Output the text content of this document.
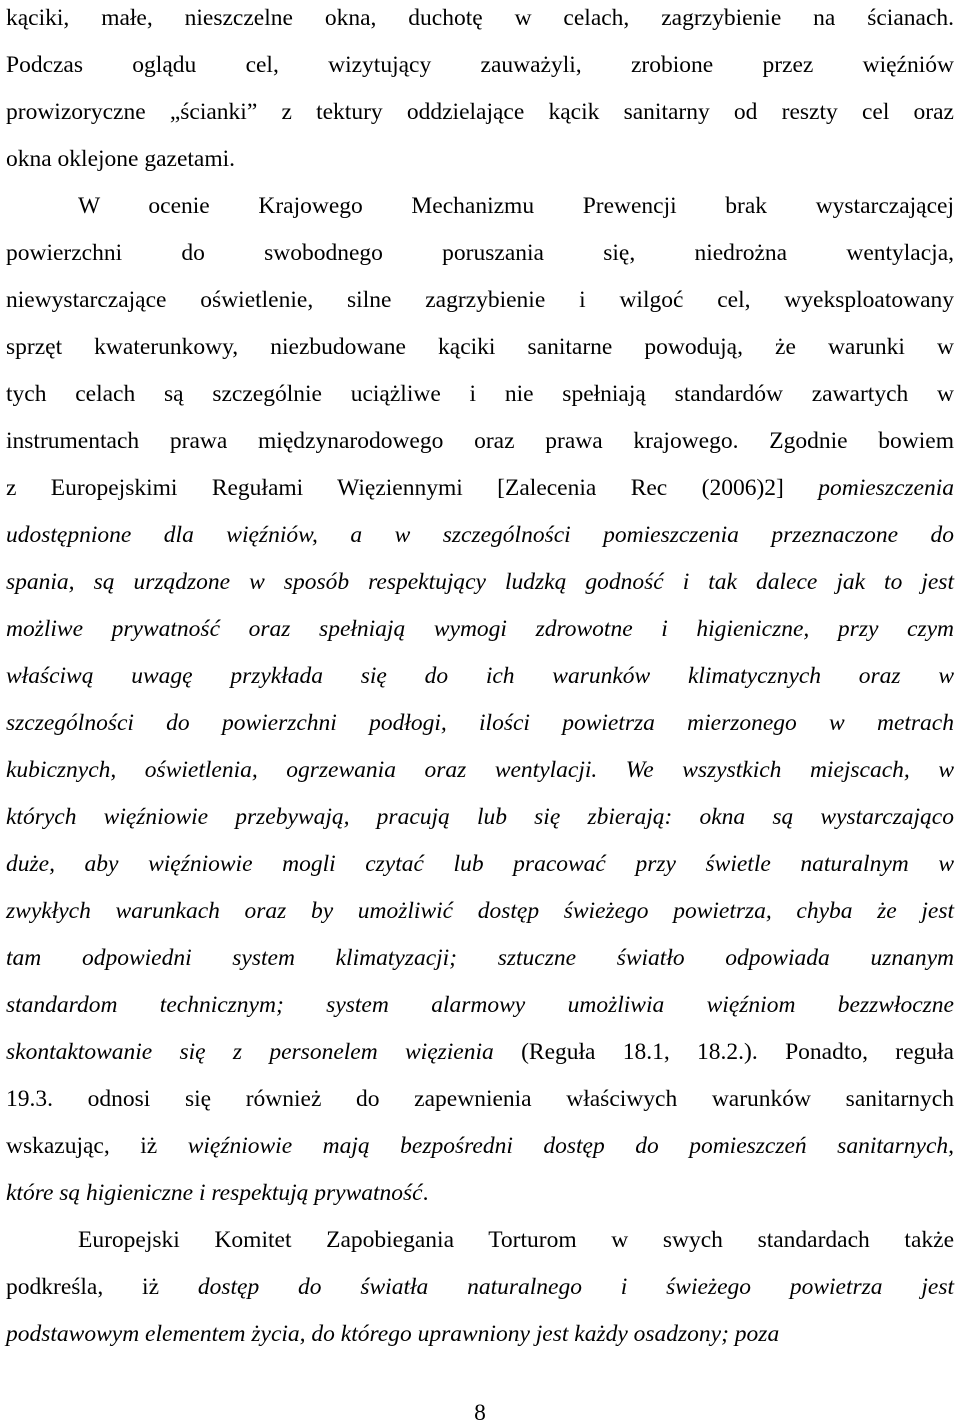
kąciki, małe, nieszczelne okna, duchotę w celach, zagrzybienie na ścianach.
Podczas oglądu cel, wizytujący zauważyli, zrobione przez więźniów
prowizoryczne „ścianki” z tektury oddzielające kącik sanitarny od reszty cel oraz
okna oklejone gazetami.
W ocenie Krajowego Mechanizmu Prewencji brak wystarczającej
powierzchni do swobodnego poruszania się, niedrożna wentylacja,
niewystarczające oświetlenie, silne zagrzybienie i wilgoć cel, wyeksploatowany
sprzęt kwaterunkowy, niezbudowane kąciki sanitarne powodują, że warunki w
tych celach są szczególnie uciążliwe i nie spełniają standardów zawartych w
instrumentach prawa międzynarodowego oraz prawa krajowego. Zgodnie bowiem
z Europejskimi Regułami Więziennymi [Zalecenia Rec (2006)2] pomieszczenia
udostępnione dla więźniów, a w szczególności pomieszczenia przeznaczone do
spania, są urządzone w sposób respektujący ludzką godność i tak dalece jak to jest
możliwe prywatność oraz spełniają wymogi zdrowotne i higieniczne, przy czym
właściwą uwagę przykłada się do ich warunków klimatycznych oraz w
szczególności do powierzchni podłogi, ilości powietrza mierzonego w metrach
kubicznych, oświetlenia, ogrzewania oraz wentylacji. We wszystkich miejscach, w
których więźniowie przebywają, pracują lub się zbierają: okna są wystarczająco
duże, aby więźniowie mogli czytać lub pracować przy świetle naturalnym w
zwykłych warunkach oraz by umożliwić dostęp świeżego powietrza, chyba że jest
tam odpowiedni system klimatyzacji; sztuczne światło odpowiada uznanym
standardom technicznym; system alarmowy umożliwia więźniom bezzwłoczne
skontaktowanie się z personelem więzienia (Reguła 18.1, 18.2.). Ponadto, reguła
19.3. odnosi się również do zapewnienia właściwych warunków sanitarnych
wskazując, iż więźniowie mają bezpośredni dostęp do pomieszczeń sanitarnych,
które są higieniczne i respektują prywatność.
Europejski Komitet Zapobiegania Torturom w swych standardach także
podkreśla, iż dostęp do światła naturalnego i świeżego powietrza jest
podstawowym elementem życia, do którego uprawniony jest każdy osadzony; poza
8
